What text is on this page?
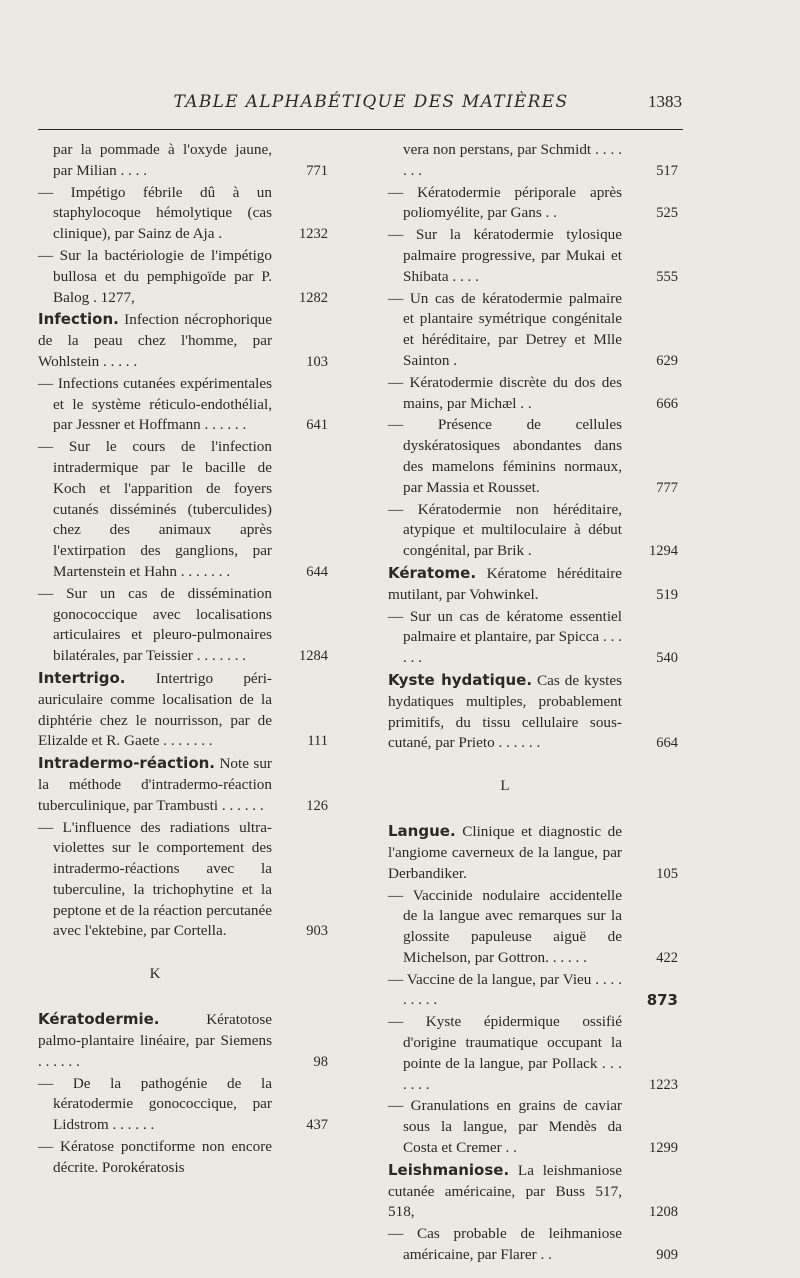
TABLE ALPHABÉTIQUE DES MATIÈRES	1383
par la pommade à l'oxyde jaune, par Milian . . . .	771
— Impétigo fébrile dû à un staphylocoque hémolytique (cas clinique), par Sainz de Aja .	1232
— Sur la bactériologie de l'impétigo bullosa et du pemphigoïde par P. Balog . 1277,	1282
Infection. Infection nécrophorique de la peau chez l'homme, par Wohlstein . . . . .	103
— Infections cutanées expérimentales et le système réticulo-endothélial, par Jessner et Hoffmann . . . . . .	641
— Sur le cours de l'infection intradermique par le bacille de Koch et l'apparition de foyers cutanés disséminés (tuberculides) chez des animaux après l'extirpation des ganglions, par Martenstein et Hahn . . . . . . .	644
— Sur un cas de dissémination gonococcique avec localisations articulaires et pleuro-pulmonaires bilatérales, par Teissier . . . . . . .	1284
Intertrigo. Intertrigo péri-auriculaire comme localisation de la diphtérie chez le nourrisson, par de Elizalde et R. Gaete . . . . . . .	111
Intradermo-réaction. Note sur la méthode d'intradermo-réaction tuberculinique, par Trambusti . . . . . .	126
— L'influence des radiations ultra-violettes sur le comportement des intradermo-réactions avec la tuberculine, la trichophytine et la peptone et de la réaction percutanée avec l'ektebine, par Cortella.	903
K
Kératodermie. Kératotose palmo-plantaire linéaire, par Siemens . . . . . .	98
— De la pathogénie de la kératodermie gonococcique, par Lidstrom . . . . . .	437
— Kératose ponctiforme non encore décrite. Porokératosis
vera non perstans, par Schmidt . . . . . . .	517
— Kératodermie périporale après poliomyélite, par Gans . .	525
— Sur la kératodermie tylosique palmaire progressive, par Mukai et Shibata . . . .	555
— Un cas de kératodermie palmaire et plantaire symétrique congénitale et héréditaire, par Detrey et Mlle Sainton .	629
— Kératodermie discrète du dos des mains, par Michæl . .	666
— Présence de cellules dyskératosiques abondantes dans des mamelons féminins normaux, par Massia et Rousset.	777
— Kératodermie non héréditaire, atypique et multiloculaire à début congénital, par Brik .	1294
Kératome. Kératome héréditaire mutilant, par Vohwinkel.	519
— Sur un cas de kératome essentiel palmaire et plantaire, par Spicca . . . . . .	540
Kyste hydatique. Cas de kystes hydatiques multiples, probablement primitifs, du tissu cellulaire sous-cutané, par Prieto . . . . . .	664
L
Langue. Clinique et diagnostic de l'angiome caverneux de la langue, par Derbandiker.	105
— Vaccinide nodulaire accidentelle de la langue avec remarques sur la glossite papuleuse aiguë de Michelson, par Gottron. . . . . .	422
— Vaccine de la langue, par Vieu . . . . . . . . .	873
— Kyste épidermique ossifié d'origine traumatique occupant la pointe de la langue, par Pollack . . . . . . .	1223
— Granulations en grains de caviar sous la langue, par Mendès da Costa et Cremer . .	1299
Leishmaniose. La leishmaniose cutanée américaine, par Buss 517, 518,	1208
— Cas probable de leihmaniose américaine, par Flarer . .	909
